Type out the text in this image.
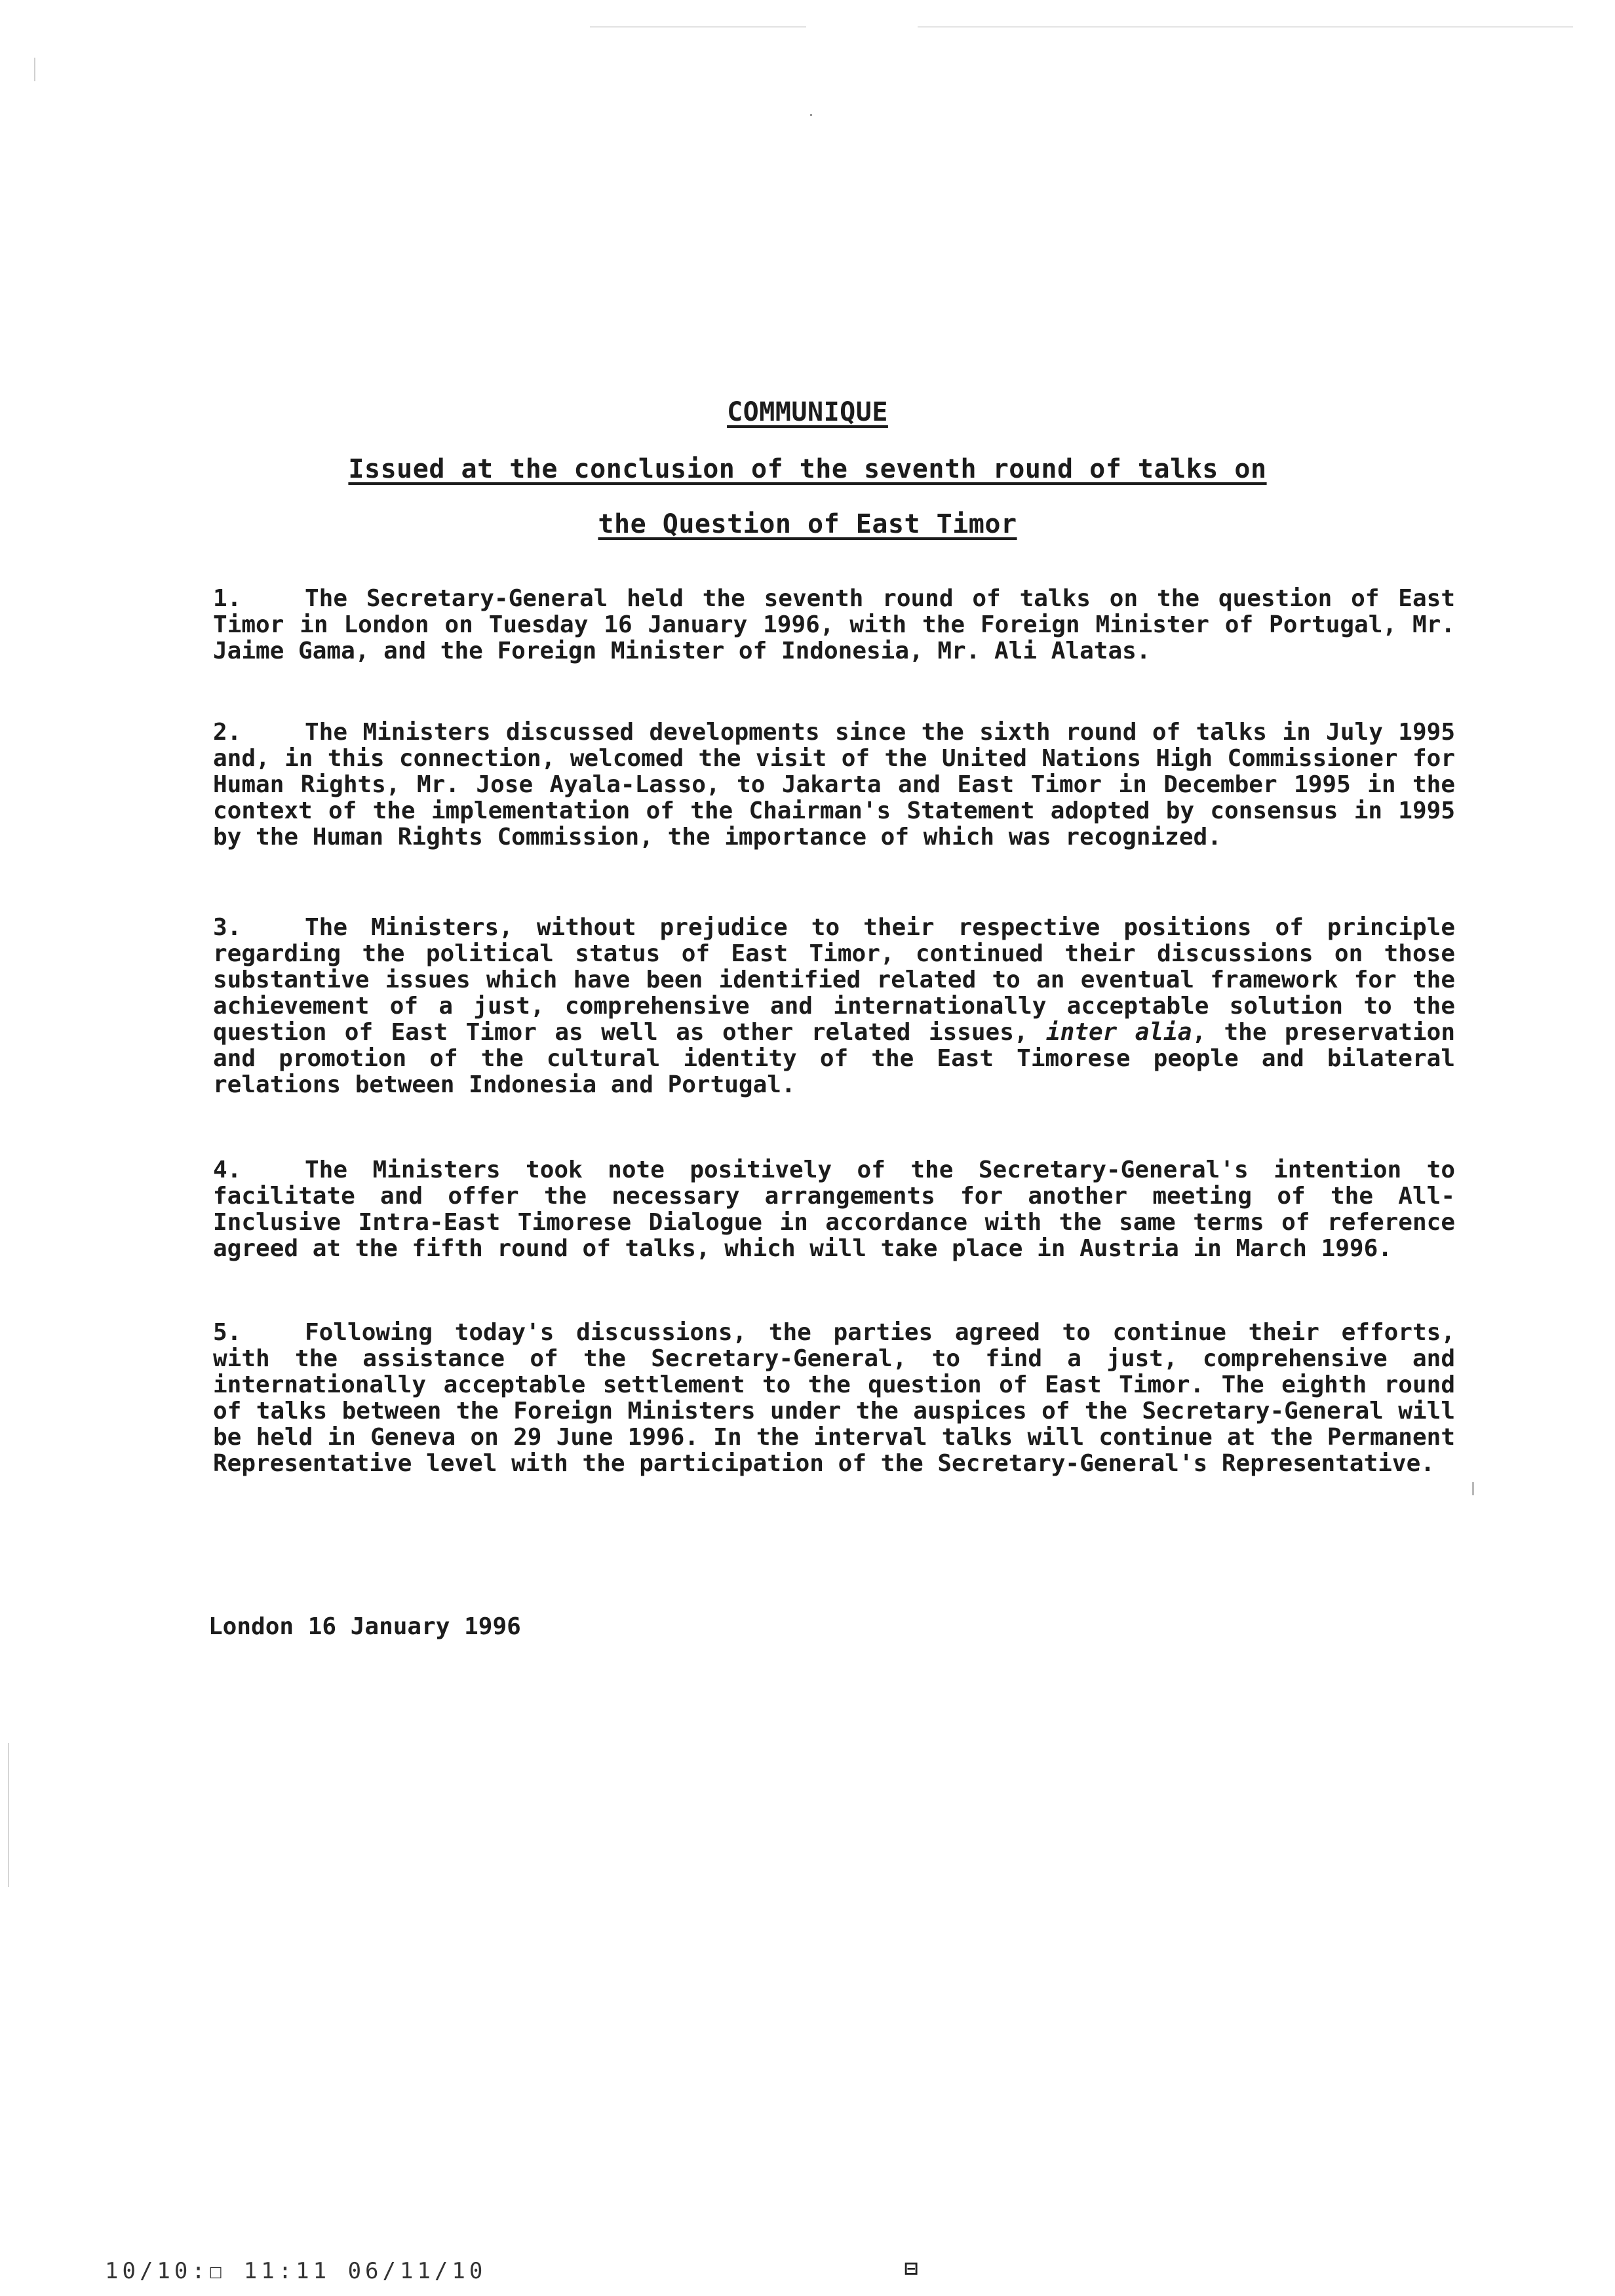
COMMUNIQUE
Issued at the conclusion of the seventh round of talks on
the Question of East Timor

1.	The Secretary-General held the seventh round of talks on the question of East Timor in London on Tuesday 16 January 1996, with the Foreign Minister of Portugal, Mr. Jaime Gama, and the Foreign Minister of Indonesia, Mr. Ali Alatas.

2.	The Ministers discussed developments since the sixth round of talks in July 1995 and, in this connection, welcomed the visit of the United Nations High Commissioner for Human Rights, Mr. Jose Ayala-Lasso, to Jakarta and East Timor in December 1995 in the context of the implementation of the Chairman's Statement adopted by consensus in 1995 by the Human Rights Commission, the importance of which was recognized.

3.	The Ministers, without prejudice to their respective positions of principle regarding the political status of East Timor, continued their discussions on those substantive issues which have been identified related to an eventual framework for the achievement of a just, comprehensive and internationally acceptable solution to the question of East Timor as well as other related issues, inter alia, the preservation and promotion of the cultural identity of the East Timorese people and bilateral relations between Indonesia and Portugal.

4.	The Ministers took note positively of the Secretary-General's intention to facilitate and offer the necessary arrangements for another meeting of the All-Inclusive Intra-East Timorese Dialogue in accordance with the same terms of reference agreed at the fifth round of talks, which will take place in Austria in March 1996.

5.	Following today's discussions, the parties agreed to continue their efforts, with the assistance of the Secretary-General, to find a just, comprehensive and internationally acceptable settlement to the question of East Timor. The eighth round of talks between the Foreign Ministers under the auspices of the Secretary-General will be held in Geneva on 29 June 1996. In the interval talks will continue at the Permanent Representative level with the participation of the Secretary-General's Representative.

London 16 January 1996
10/10:☐ 11:11 06/11/10	⊟
